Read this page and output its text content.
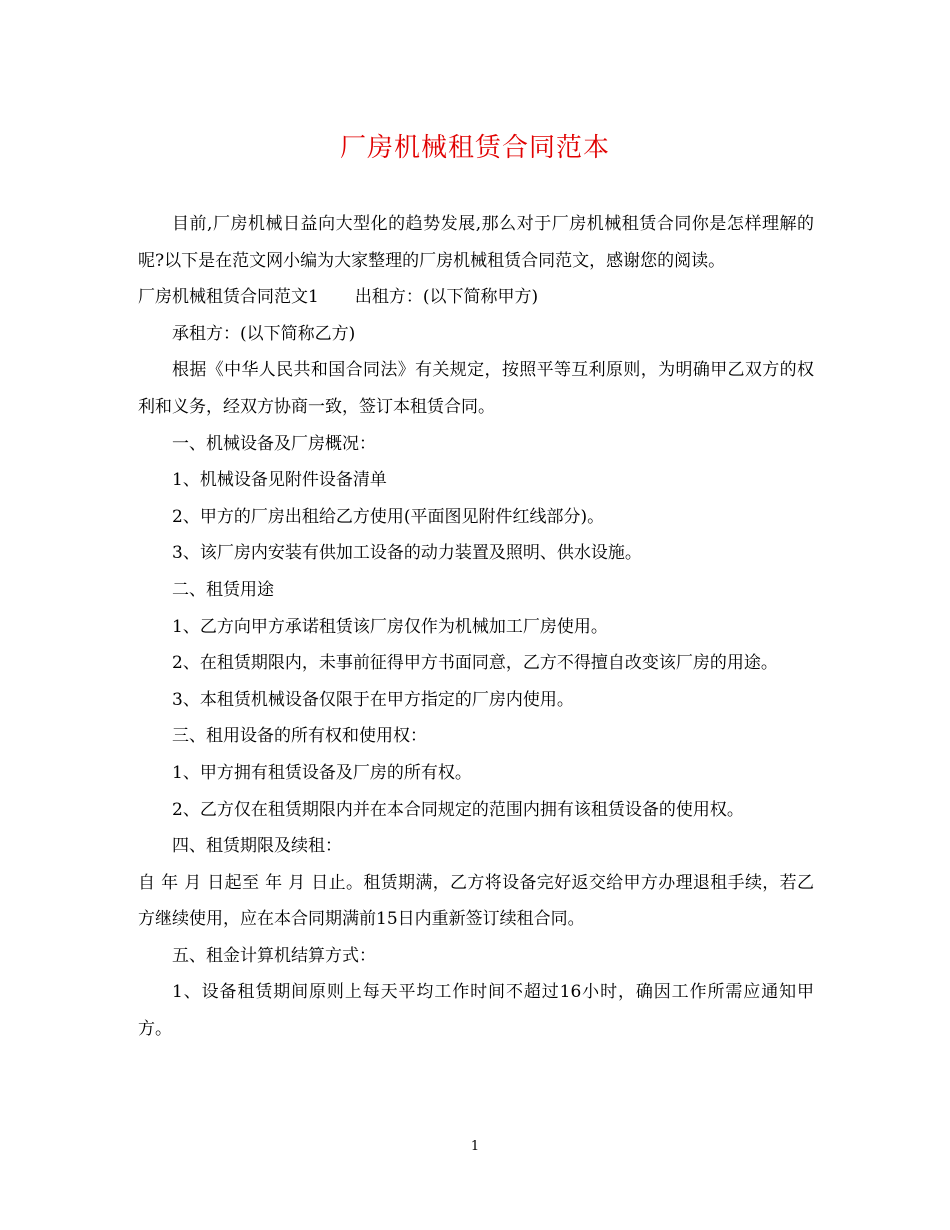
厂房机械租赁合同范本

目前,厂房机械日益向大型化的趋势发展,那么对于厂房机械租赁合同你是怎样理解的呢?以下是在范文网小编为大家整理的厂房机械租赁合同范文，感谢您的阅读。

厂房机械租赁合同范文1 出租方：(以下简称甲方)

承租方：(以下简称乙方)

根据《中华人民共和国合同法》有关规定，按照平等互利原则，为明确甲乙双方的权利和义务，经双方协商一致，签订本租赁合同。

一、机械设备及厂房概况：

1、机械设备见附件设备清单

2、甲方的厂房出租给乙方使用(平面图见附件红线部分)。

3、该厂房内安装有供加工设备的动力装置及照明、供水设施。

二、租赁用途

1、乙方向甲方承诺租赁该厂房仅作为机械加工厂房使用。

2、在租赁期限内，未事前征得甲方书面同意，乙方不得擅自改变该厂房的用途。

3、本租赁机械设备仅限于在甲方指定的厂房内使用。

三、租用设备的所有权和使用权：

1、甲方拥有租赁设备及厂房的所有权。

2、乙方仅在租赁期限内并在本合同规定的范围内拥有该租赁设备的使用权。

四、租赁期限及续租：

自 年 月 日起至 年 月 日止。租赁期满，乙方将设备完好返交给甲方办理退租手续，若乙方继续使用，应在本合同期满前15日内重新签订续租合同。

五、租金计算机结算方式：

1、设备租赁期间原则上每天平均工作时间不超过16小时，确因工作所需应通知甲方。

1
